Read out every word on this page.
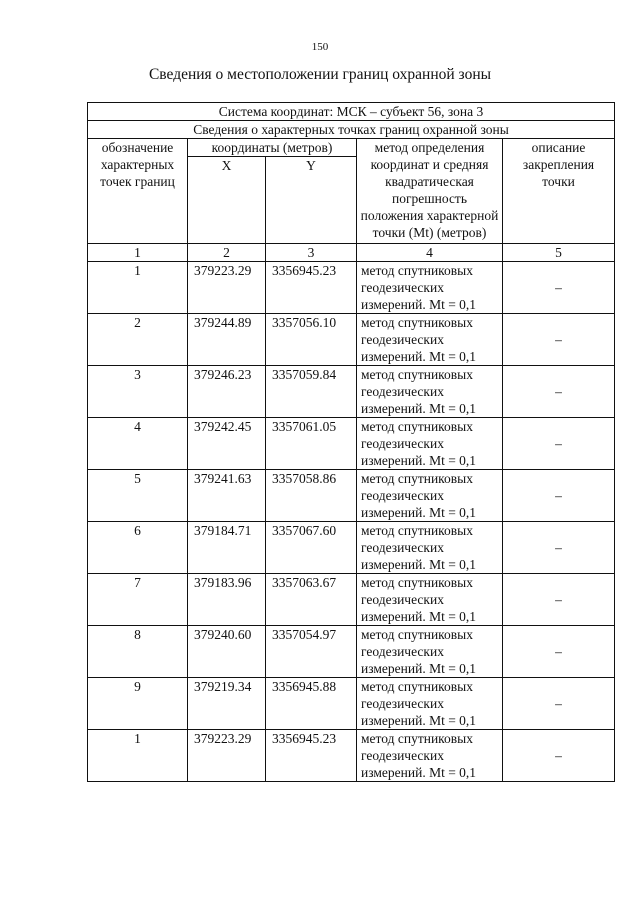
150
Сведения о местоположении границ охранной зоны
Система координат: МСК – субъект 56, зона 3				
Сведения о характерных точках границ охранной зоны				
обозначение характерных точек границ	координаты (метров)		метод определения координат и средняя квадратическая погрешность положения характерной точки (Mt) (метров)	описание закрепления точки
	X	Y		
1	2	3	4	5
1	379223.29	3356945.23	метод спутниковых геодезических измерений. Mt = 0,1	–
2	379244.89	3357056.10	метод спутниковых геодезических измерений. Mt = 0,1	–
3	379246.23	3357059.84	метод спутниковых геодезических измерений. Mt = 0,1	–
4	379242.45	3357061.05	метод спутниковых геодезических измерений. Mt = 0,1	–
5	379241.63	3357058.86	метод спутниковых геодезических измерений. Mt = 0,1	–
6	379184.71	3357067.60	метод спутниковых геодезических измерений. Mt = 0,1	–
7	379183.96	3357063.67	метод спутниковых геодезических измерений. Mt = 0,1	–
8	379240.60	3357054.97	метод спутниковых геодезических измерений. Mt = 0,1	–
9	379219.34	3356945.88	метод спутниковых геодезических измерений. Mt = 0,1	–
1	379223.29	3356945.23	метод спутниковых геодезических измерений. Mt = 0,1	–
